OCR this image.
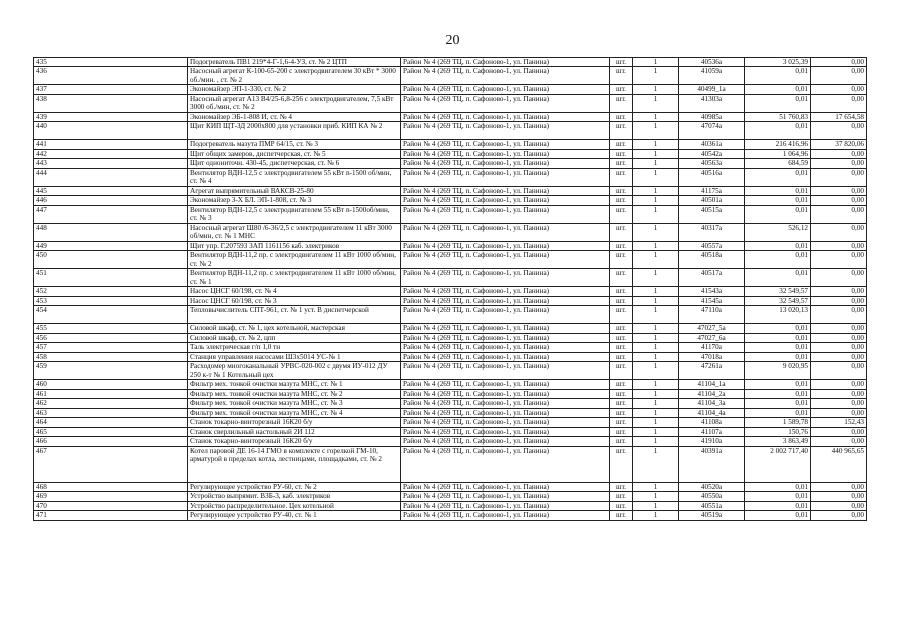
20
435	Подогреватель ПВ1 219*4-Г-1,6-4-УЗ, ст. № 2 ЦТП	Район № 4 (269 ТЦ, п. Сафоново-1, ул. Панина)	шт.	1	40536а	3 025,39	0,00
436	Насосный агрегат К-100-65-200 с электродвигателем 30 кВт * 3000 об./мин. , ст. № 2	Район № 4 (269 ТЦ, п. Сафоново-1, ул. Панина)	шт.	1	41059а	0,01	0,00
437	Экономайзер ЭП-1-330, ст. № 2	Район № 4 (269 ТЦ, п. Сафоново-1, ул. Панина)	шт.	1	40499_1а	0,01	0,00
438	Насосный агрегат А13 В4/25-6,8-256 с электродвигателем, 7,5 кВт 3000 об./мин, ст. № 2	Район № 4 (269 ТЦ, п. Сафоново-1, ул. Панина)	шт.	1	41303а	0,01	0,00
439	Экономайзер ЭБ-1-808 И, ст. № 4	Район № 4 (269 ТЦ, п. Сафоново-1, ул. Панина)	шт.	1	40985а	51 760,83	17 654,58
440	Щит КИП ЩТ-ЗД 2000х800 для установки приб. КИП КА № 2	Район № 4 (269 ТЦ, п. Сафоново-1, ул. Панина)	шт.	1	47074а	0,01	0,00
441	Подогреватель мазута ПМР 64/15, ст. № 3	Район № 4 (269 ТЦ, п. Сафоново-1, ул. Панина)	шт.	1	40361а	216 416,96	37 820,06
442	Щит общих замеров, диспетчерская, ст. № 5	Район № 4 (269 ТЦ, п. Сафоново-1, ул. Панина)	шт.	1	40542а	1 064,96	0,00
443	Щит однониточн. 430-45, диспетчерская, ст. № 6	Район № 4 (269 ТЦ, п. Сафоново-1, ул. Панина)	шт.	1	40563а	684,59	0,00
444	Вентилятор ВДН-12,5 с электродвигателем 55 кВт n-1500 об/мин, ст. № 4	Район № 4 (269 ТЦ, п. Сафоново-1, ул. Панина)	шт.	1	40516а	0,01	0,00
445	Агрегат выпрямительный ВАКСВ-25-80	Район № 4 (269 ТЦ, п. Сафоново-1, ул. Панина)	шт.	1	41175а	0,01	0,00
446	Экономайзер 3-Х БЛ. ЭП-1-808, ст. № 3	Район № 4 (269 ТЦ, п. Сафоново-1, ул. Панина)	шт.	1	40501а	0,01	0,00
447	Вентилятор ВДН-12,5 с электродвигателем 55 кВт n-1500об/мин, ст. № 3	Район № 4 (269 ТЦ, п. Сафоново-1, ул. Панина)	шт.	1	40515а	0,01	0,00
448	Насосный агрегат Ш80 /6-36/2,5 с электродвигателем 11 кВт 3000 об/мин, ст. № 1 МНС	Район № 4 (269 ТЦ, п. Сафоново-1, ул. Панина)	шт.	1	40317а	526,12	0,00
449	Щит упр. Г.207593 ЗАП 1161156 каб. электриков	Район № 4 (269 ТЦ, п. Сафоново-1, ул. Панина)	шт.	1	40557а	0,01	0,00
450	Вентилятор ВДН-11,2 пр. с электродвигателем 11 кВт 1000 об/мин, ст. № 2	Район № 4 (269 ТЦ, п. Сафоново-1, ул. Панина)	шт.	1	40518а	0,01	0,00
451	Вентилятор ВДН-11,2 пр. с электродвигателем 11 кВт 1000 об/мин, ст. № 1	Район № 4 (269 ТЦ, п. Сафоново-1, ул. Панина)	шт.	1	40517а	0,01	0,00
452	Насос ЦНСГ 60/198, ст. № 4	Район № 4 (269 ТЦ, п. Сафоново-1, ул. Панина)	шт.	1	41543а	32 549,57	0,00
453	Насос ЦНСГ 60/198, ст. № 3	Район № 4 (269 ТЦ, п. Сафоново-1, ул. Панина)	шт.	1	41545а	32 549,57	0,00
454	Тепловычислитель СПТ-961, ст. № 1 уст. В диспетчерской	Район № 4 (269 ТЦ, п. Сафоново-1, ул. Панина)	шт.	1	47110а	13 020,13	0,00
455	Силовой шкаф, ст. № 1, цех котельной, мастерская	Район № 4 (269 ТЦ, п. Сафоново-1, ул. Панина)	шт.	1	47027_5а	0,01	0,00
456	Силовой шкаф, ст. № 2, цпп	Район № 4 (269 ТЦ, п. Сафоново-1, ул. Панина)	шт.	1	47027_6а	0,01	0,00
457	Таль электрическая г/п 1,0 тн	Район № 4 (269 ТЦ, п. Сафоново-1, ул. Панина)	шт.	1	41170а	0,01	0,00
458	Станция управления насосами Ш3х5014 УС-№ 1	Район № 4 (269 ТЦ, п. Сафоново-1, ул. Панина)	шт.	1	47018а	0,01	0,00
459	Расходомер многоканальный УРВС-020-002 с двумя ИУ-012 ДУ 250 к-т № 1 Котельный цех	Район № 4 (269 ТЦ, п. Сафоново-1, ул. Панина)	шт.	1	47261а	9 020,95	0,00
460	Фильтр мех. тонкой очистки мазута МНС, ст. № 1	Район № 4 (269 ТЦ, п. Сафоново-1, ул. Панина)	шт.	1	41104_1а	0,01	0,00
461	Фильтр мех. тонкой очистки мазута МНС, ст. № 2	Район № 4 (269 ТЦ, п. Сафоново-1, ул. Панина)	шт.	1	41104_2а	0,01	0,00
462	Фильтр мех. тонкой очистки мазута МНС, ст. № 3	Район № 4 (269 ТЦ, п. Сафоново-1, ул. Панина)	шт.	1	41104_3а	0,01	0,00
463	Фильтр мех. тонкой очистки мазута МНС, ст. № 4	Район № 4 (269 ТЦ, п. Сафоново-1, ул. Панина)	шт.	1	41104_4а	0,01	0,00
464	Станок токарно-винторезный 16К20 б/у	Район № 4 (269 ТЦ, п. Сафоново-1, ул. Панина)	шт.	1	41108а	1 589,78	152,43
465	Станок сверлильный настольный 2И 112	Район № 4 (269 ТЦ, п. Сафоново-1, ул. Панина)	шт.	1	41107а	150,76	0,00
466	Станок токарно-винторезный 16К20 б/у	Район № 4 (269 ТЦ, п. Сафоново-1, ул. Панина)	шт.	1	41910а	3 863,49	0,00
467	Котел паровой ДЕ 16-14 ГМО в комплекте с горелкой ГМ-10, арматурой в пределах котла, лестницами, площадками, ст. № 2	Район № 4 (269 ТЦ, п. Сафоново-1, ул. Панина)	шт.	1	40391а	2 002 717,40	440 965,65
468	Регулирующее устройство РУ-60, ст. № 2	Район № 4 (269 ТЦ, п. Сафоново-1, ул. Панина)	шт.	1	40520а	0,01	0,00
469	Устройство выпрямит. ВЗБ-3, каб. электриков	Район № 4 (269 ТЦ, п. Сафоново-1, ул. Панина)	шт.	1	40550а	0,01	0,00
470	Устройство распределительное. Цех котельной	Район № 4 (269 ТЦ, п. Сафоново-1, ул. Панина)	шт.	1	40551а	0,01	0,00
471	Регулирующее устройство РУ-40, ст. № 1	Район № 4 (269 ТЦ, п. Сафоново-1, ул. Панина)	шт.	1	40519а	0,01	0,00
